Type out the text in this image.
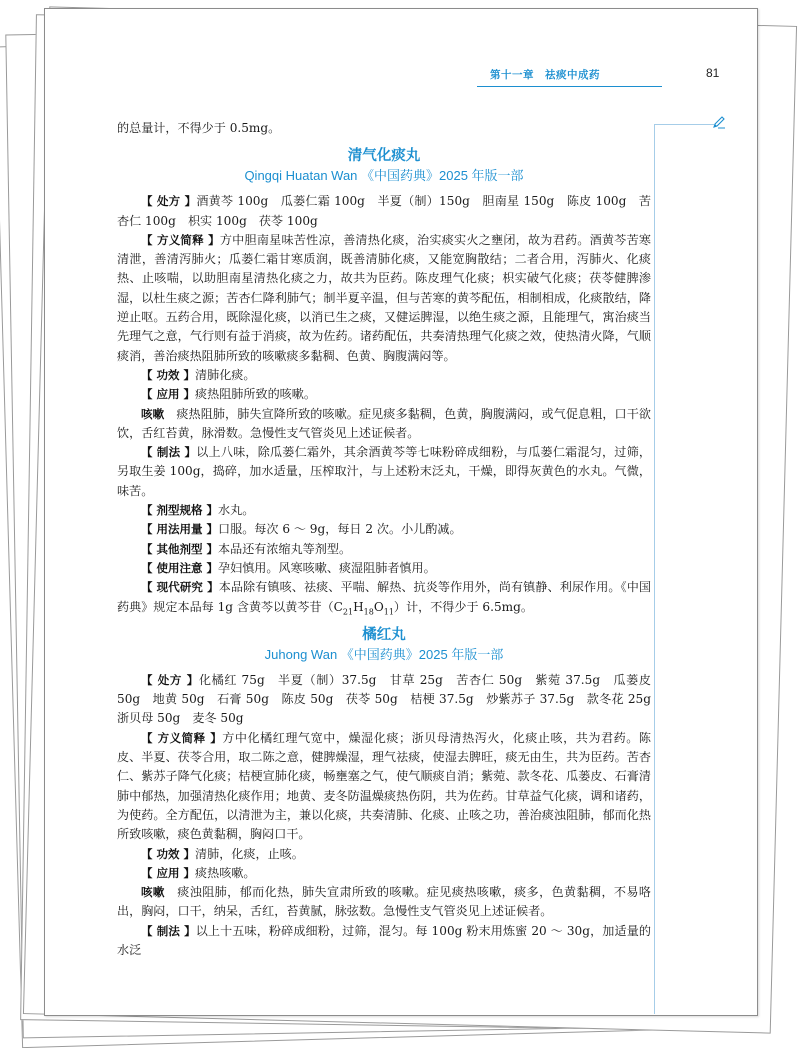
第十一章　祛痰中成药	81

的总量计，不得少于 0.5mg。

清气化痰丸
Qingqi Huatan Wan 《中国药典》2025 年版一部

【 处方 】酒黄芩 100g　瓜蒌仁霜 100g　半夏（制）150g　胆南星 150g　陈皮 100g　苦杏仁 100g　枳实 100g　茯苓 100g

【 方义简释 】方中胆南星味苦性凉，善清热化痰，治实痰实火之壅闭，故为君药。酒黄芩苦寒清泄，善清泻肺火；瓜蒌仁霜甘寒质润，既善清肺化痰，又能宽胸散结；二者合用，泻肺火、化痰热、止咳喘，以助胆南星清热化痰之力，故共为臣药。陈皮理气化痰；枳实破气化痰；茯苓健脾渗湿，以杜生痰之源；苦杏仁降利肺气；制半夏辛温，但与苦寒的黄芩配伍，相制相成，化痰散结，降逆止呕。五药合用，既除湿化痰，以消已生之痰，又健运脾湿，以绝生痰之源，且能理气，寓治痰当先理气之意，气行则有益于消痰，故为佐药。诸药配伍，共奏清热理气化痰之效，使热清火降，气顺痰消，善治痰热阻肺所致的咳嗽痰多黏稠、色黄、胸腹满闷等。

【 功效 】清肺化痰。

【 应用 】痰热阻肺所致的咳嗽。

咳嗽　 痰热阻肺，肺失宣降所致的咳嗽。症见痰多黏稠，色黄，胸腹满闷，或气促息粗，口干欲饮，舌红苔黄，脉滑数。急慢性支气管炎见上述证候者。

【 制法 】以上八味，除瓜蒌仁霜外，其余酒黄芩等七味粉碎成细粉，与瓜蒌仁霜混匀，过筛，另取生姜 100g，捣碎，加水适量，压榨取汁，与上述粉末泛丸，干燥，即得灰黄色的水丸。气微，味苦。

【 剂型规格 】水丸。

【 用法用量 】口服。每次 6 ～ 9g，每日 2 次。小儿酌减。

【 其他剂型 】本品还有浓缩丸等剂型。

【 使用注意 】孕妇慎用。风寒咳嗽、痰湿阻肺者慎用。

【 现代研究 】本品除有镇咳、祛痰、平喘、解热、抗炎等作用外，尚有镇静、利尿作用。《中国药典》规定本品每 1g 含黄芩以黄芩苷$(C_{21}H_{18}O_{11})$计，不得少于 6.5mg。

橘红丸
Juhong Wan 《中国药典》2025 年版一部

【 处方 】化橘红 75g　半夏（制）37.5g　甘草 25g　苦杏仁 50g　紫菀 37.5g　瓜蒌皮 50g　地黄 50g　石膏 50g　陈皮 50g　茯苓 50g　桔梗 37.5g　炒紫苏子 37.5g　款冬花 25g　浙贝母 50g　麦冬 50g

【 方义简释 】方中化橘红理气宽中，燥湿化痰；浙贝母清热泻火，化痰止咳，共为君药。陈皮、半夏、茯苓合用，取二陈之意，健脾燥湿，理气祛痰，使湿去脾旺，痰无由生，共为臣药。苦杏仁、紫苏子降气化痰；桔梗宣肺化痰，畅壅塞之气，使气顺痰自消；紫菀、款冬花、瓜蒌皮、石膏清肺中郁热，加强清热化痰作用；地黄、麦冬防温燥痰热伤阴，共为佐药。甘草益气化痰，调和诸药，为使药。全方配伍，以清泄为主，兼以化痰，共奏清肺、化痰、止咳之功，善治痰浊阻肺，郁而化热所致咳嗽，痰色黄黏稠，胸闷口干。

【 功效 】清肺，化痰，止咳。

【 应用 】痰热咳嗽。

咳嗽　 痰浊阻肺，郁而化热，肺失宣肃所致的咳嗽。症见痰热咳嗽，痰多，色黄黏稠，不易咯出，胸闷，口干，纳呆，舌红，苔黄腻，脉弦数。急慢性支气管炎见上述证候者。

【 制法 】以上十五味，粉碎成细粉，过筛，混匀。每 100g 粉末用炼蜜 20 ～ 30g，加适量的水泛
